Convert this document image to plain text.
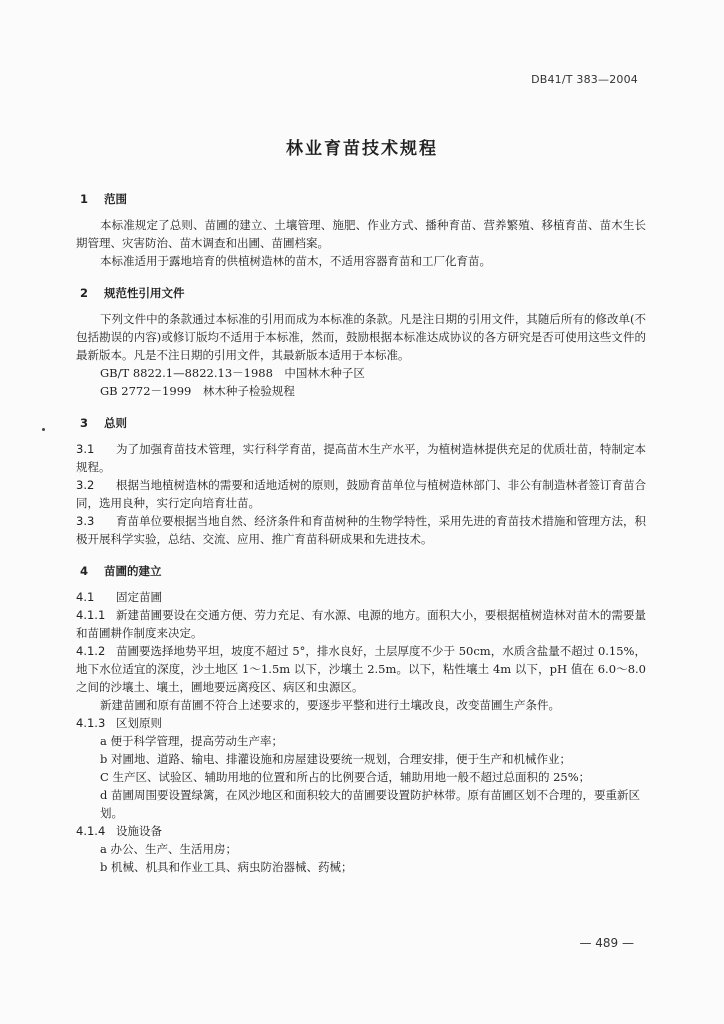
DB41/T 383—2004
林业育苗技术规程
1 范围

本标准规定了总则、苗圃的建立、土壤管理、施肥、作业方式、播种育苗、营养繁殖、移植育苗、苗木生长期管理、灾害防治、苗木调查和出圃、苗圃档案。

本标准适用于露地培育的供植树造林的苗木，不适用容器育苗和工厂化育苗。

2 规范性引用文件

下列文件中的条款通过本标准的引用而成为本标准的条款。凡是注日期的引用文件，其随后所有的修改单(不包括勘误的内容)或修订版均不适用于本标准，然而，鼓励根据本标准达成协议的各方研究是否可使用这些文件的最新版本。凡是不注日期的引用文件，其最新版本适用于本标准。

GB/T 8822.1—8822.13－1988　中国林木种子区

GB 2772－1999　林木种子检验规程

3 总则

3.1 为了加强育苗技术管理，实行科学育苗，提高苗木生产水平，为植树造林提供充足的优质壮苗，特制定本规程。

3.2 根据当地植树造林的需要和适地适树的原则，鼓励育苗单位与植树造林部门、非公有制造林者签订育苗合同，选用良种，实行定向培育壮苗。

3.3 育苗单位要根据当地自然、经济条件和育苗树种的生物学特性，采用先进的育苗技术措施和管理方法，积极开展科学实验，总结、交流、应用、推广育苗科研成果和先进技术。

4 苗圃的建立

4.1 固定苗圃

4.1.1 新建苗圃要设在交通方便、劳力充足、有水源、电源的地方。面积大小，要根据植树造林对苗木的需要量和苗圃耕作制度来决定。

4.1.2 苗圃要选择地势平坦，坡度不超过 5°，排水良好，土层厚度不少于 50cm，水质含盐量不超过 0.15%，地下水位适宜的深度，沙土地区 1～1.5m 以下，沙壤土 2.5m。以下，粘性壤土 4m 以下，pH 值在 6.0～8.0 之间的沙壤土、壤土，圃地要远离疫区、病区和虫源区。

新建苗圃和原有苗圃不符合上述要求的，要逐步平整和进行土壤改良，改变苗圃生产条件。

4.1.3 区划原则

a 便于科学管理，提高劳动生产率；

b 对圃地、道路、输电、排灌设施和房屋建设要统一规划，合理安排，便于生产和机械作业；

C 生产区、试验区、辅助用地的位置和所占的比例要合适，辅助用地一般不超过总面积的 25%；

d 苗圃周围要设置绿篱，在风沙地区和面积较大的苗圃要设置防护林带。原有苗圃区划不合理的，要重新区划。

4.1.4 设施设备

a 办公、生产、生活用房；

b 机械、机具和作业工具、病虫防治器械、药械；

— 489 —
